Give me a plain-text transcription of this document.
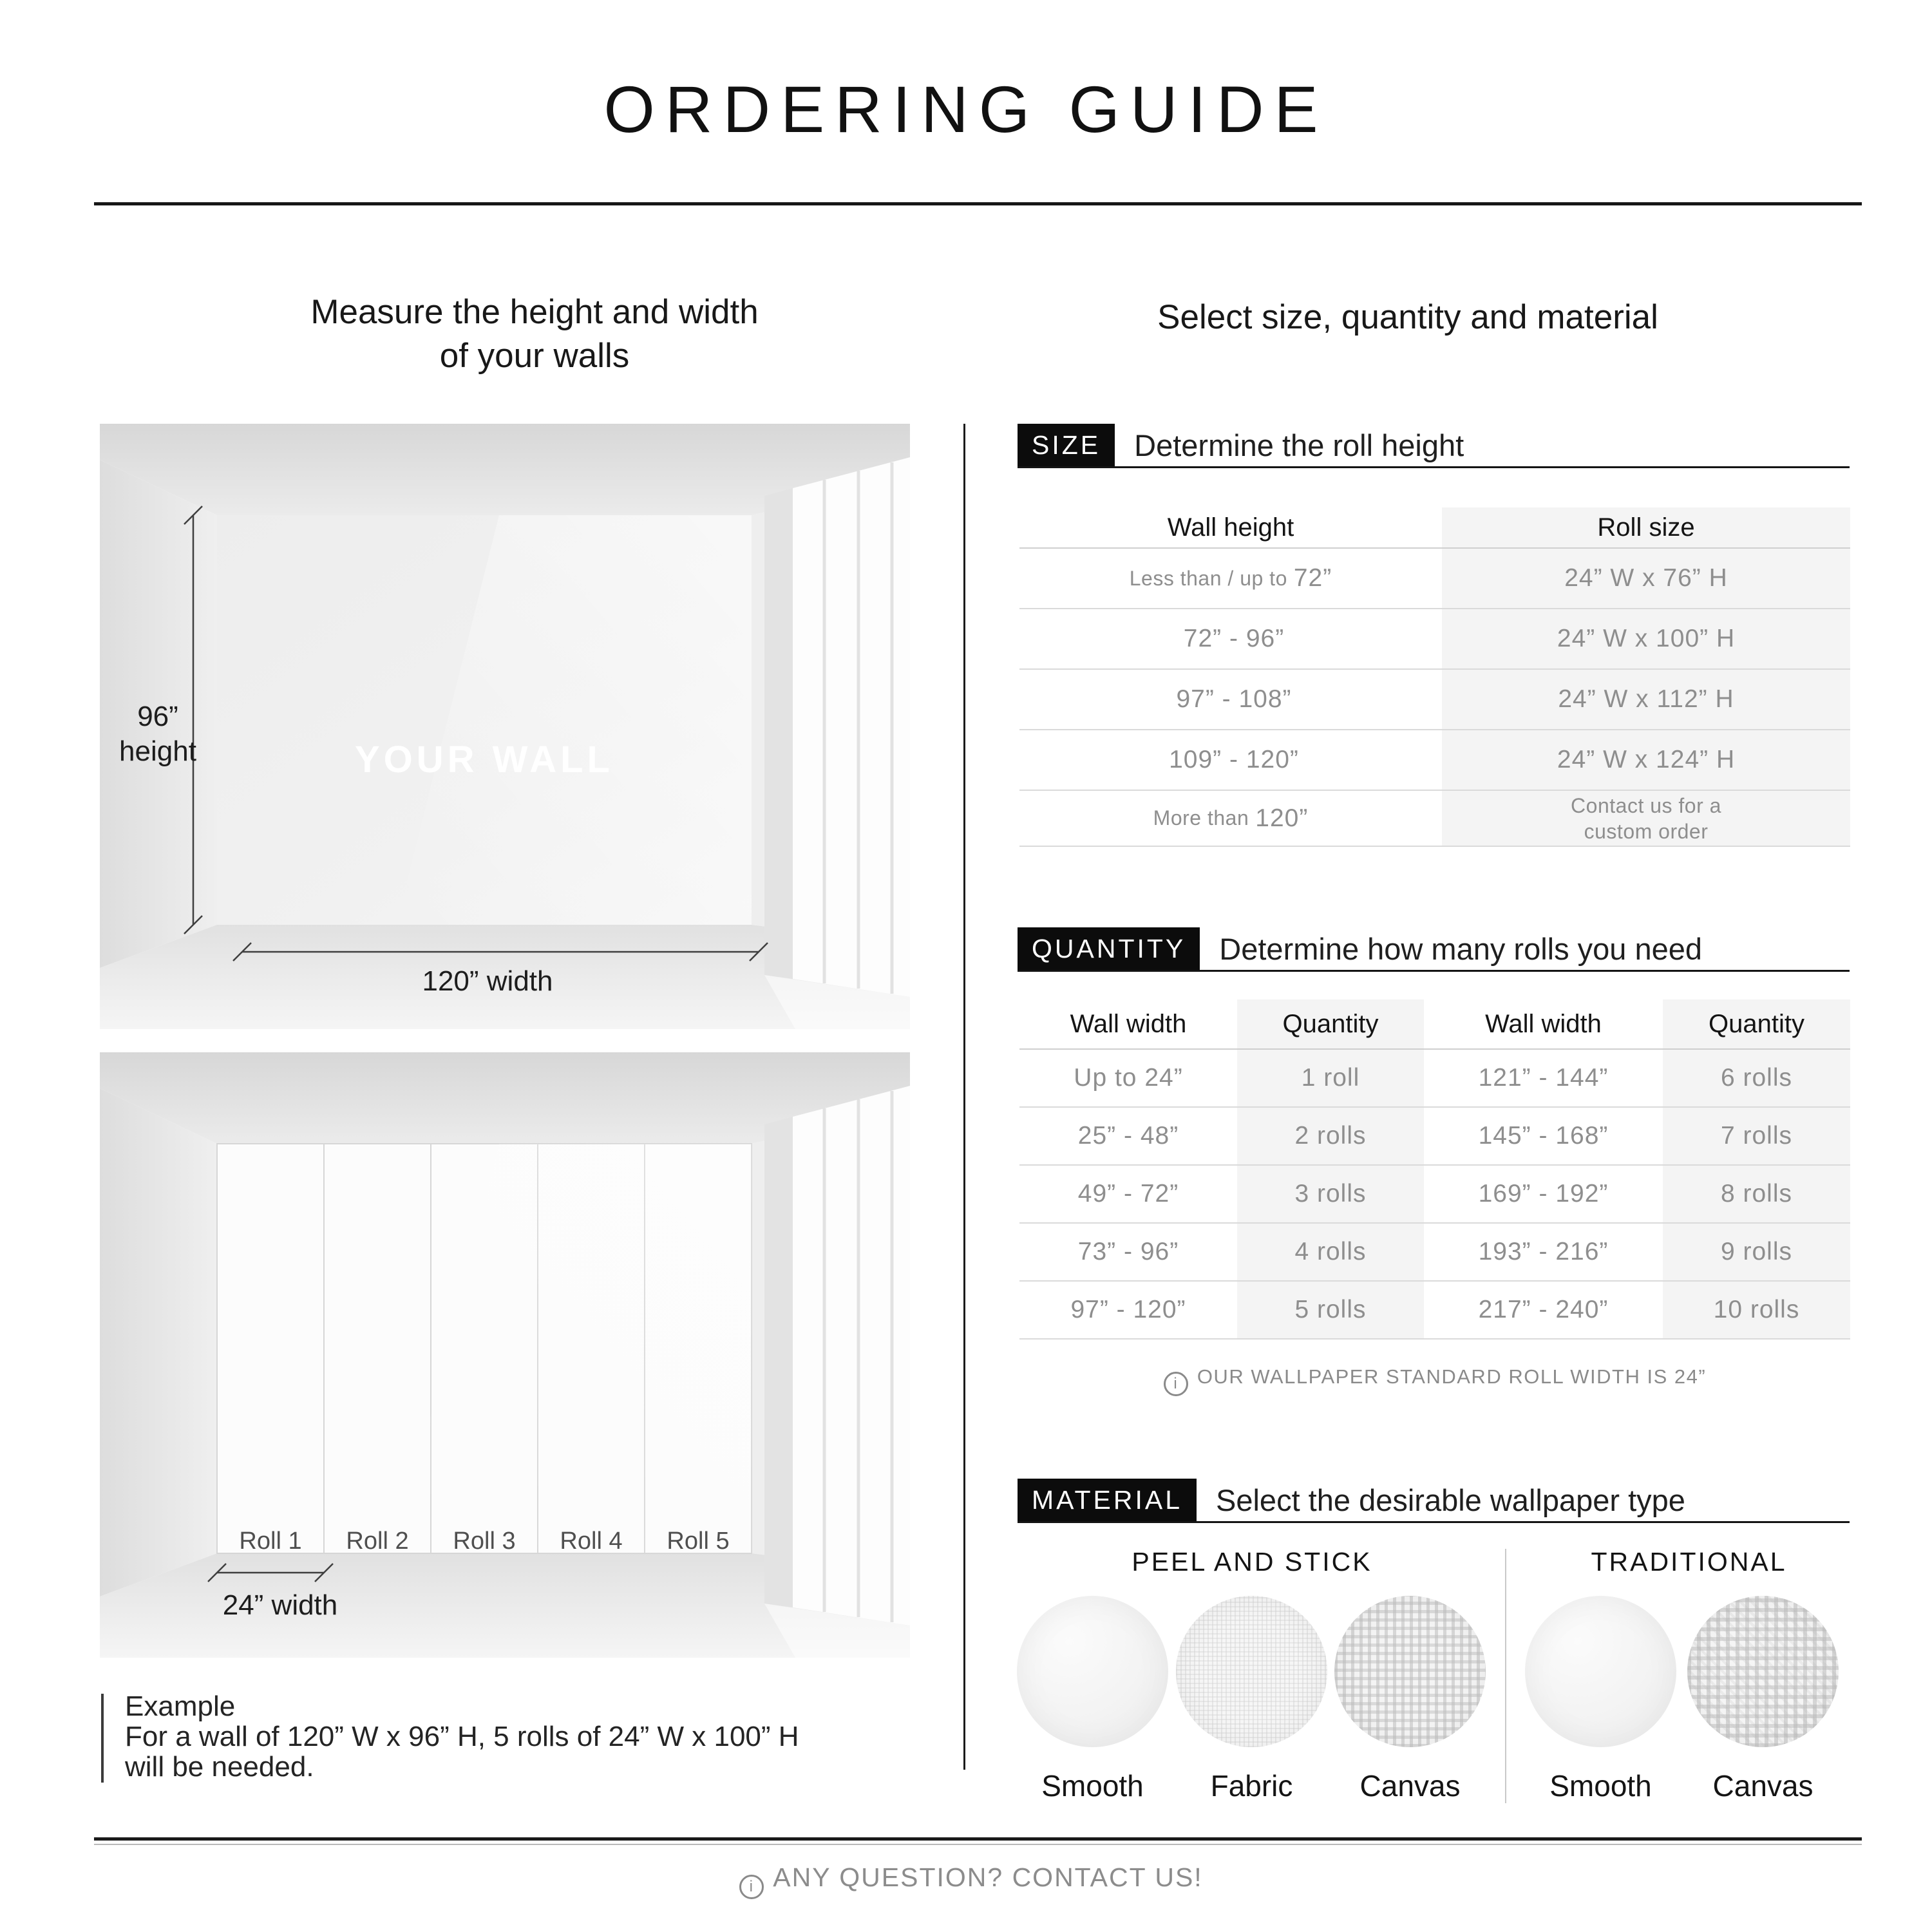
ORDERING GUIDE
Measure the height and width
of your walls
Select size, quantity and material
YOUR WALL
96”
height
120” width
Roll 1	Roll 2	Roll 3	Roll 4	Roll 5
24” width
Example
For a wall of 120” W x 96” H, 5 rolls of 24” W x 100” H
will be needed.
SIZE	Determine the roll height
Wall height	Roll size
Less than / up to 72”	24” W x 76” H
72” - 96”	24” W x 100” H
97” - 108”	24” W x 112” H
109” - 120”	24” W x 124” H
More than 120”	Contact us for a custom order
QUANTITY	Determine how many rolls you need
Wall width	Quantity	Wall width	Quantity
Up to 24”	1 roll	121” - 144”	6 rolls
25” - 48”	2 rolls	145” - 168”	7 rolls
49” - 72”	3 rolls	169” - 192”	8 rolls
73” - 96”	4 rolls	193” - 216”	9 rolls
97” - 120”	5 rolls	217” - 240”	10 rolls
i OUR WALLPAPER STANDARD ROLL WIDTH IS 24”
MATERIAL	Select the desirable wallpaper type
PEEL AND STICK	TRADITIONAL
Smooth	Fabric	Canvas	Smooth	Canvas
i ANY QUESTION? CONTACT US!
